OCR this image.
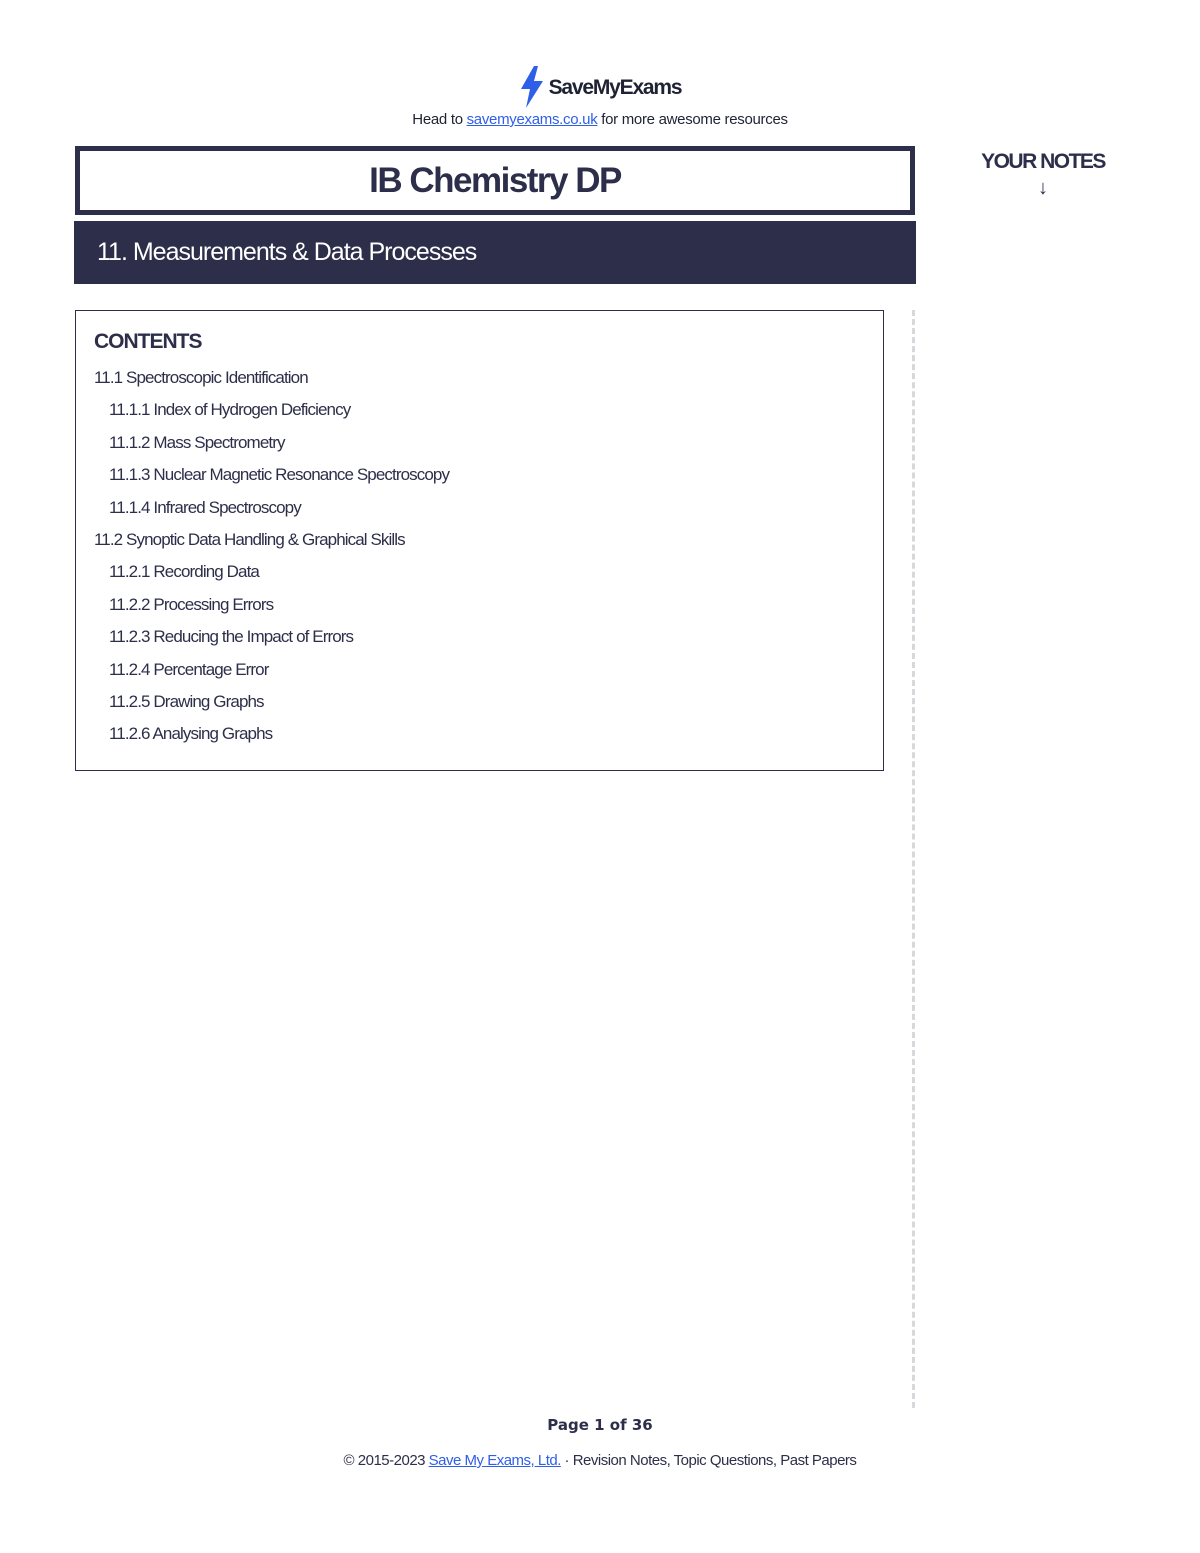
SaveMyExams
Head to savemyexams.co.uk for more awesome resources
IB Chemistry DP
11. Measurements & Data Processes
YOUR NOTES
↓
CONTENTS
11.1 Spectroscopic Identification
11.1.1 Index of Hydrogen Deficiency
11.1.2 Mass Spectrometry
11.1.3 Nuclear Magnetic Resonance Spectroscopy
11.1.4 Infrared Spectroscopy
11.2 Synoptic Data Handling & Graphical Skills
11.2.1 Recording Data
11.2.2 Processing Errors
11.2.3 Reducing the Impact of Errors
11.2.4 Percentage Error
11.2.5 Drawing Graphs
11.2.6 Analysing Graphs
Page 1 of 36
© 2015-2023 Save My Exams, Ltd. · Revision Notes, Topic Questions, Past Papers
